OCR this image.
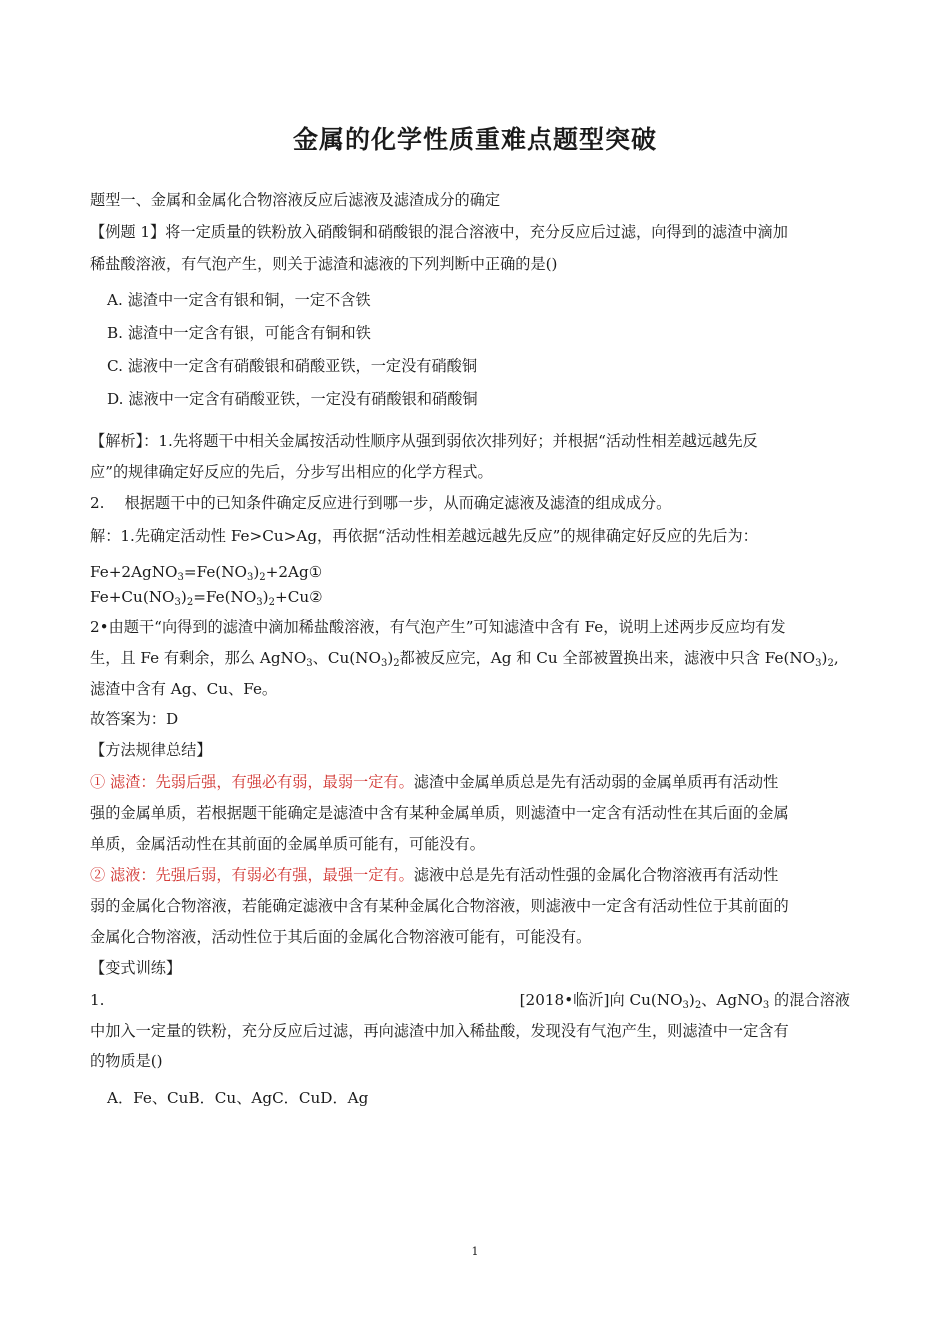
金属的化学性质重难点题型突破
题型一、金属和金属化合物溶液反应后滤液及滤渣成分的确定
【例题 1】将一定质量的铁粉放入硝酸铜和硝酸银的混合溶液中，充分反应后过滤，向得到的滤渣中滴加
稀盐酸溶液，有气泡产生，则关于滤渣和滤液的下列判断中正确的是()
A. 滤渣中一定含有银和铜，一定不含铁
B. 滤渣中一定含有银，可能含有铜和铁
C. 滤液中一定含有硝酸银和硝酸亚铁，一定没有硝酸铜
D. 滤液中一定含有硝酸亚铁，一定没有硝酸银和硝酸铜
【解析】：1.先将题干中相关金属按活动性顺序从强到弱依次排列好；并根据“活动性相差越远越先反
应”的规律确定好反应的先后，分步写出相应的化学方程式。
2.　 根据题干中的已知条件确定反应进行到哪一步，从而确定滤液及滤渣的组成成分。
解：1.先确定活动性 Fe>Cu>Ag，再依据“活动性相差越远越先反应”的规律确定好反应的先后为：
$Fe+2AgNO_3=Fe(NO_3)_2+2Ag①$
$Fe+Cu(NO_3)_2=Fe(NO_3)_2+Cu②$
2•由题干“向得到的滤渣中滴加稀盐酸溶液，有气泡产生”可知滤渣中含有 Fe，说明上述两步反应均有发
生，且 Fe 有剩余，那么 AgNO$_3$、$Cu(NO_3)_2$都被反应完，Ag 和 Cu 全部被置换出来，滤液中只含 $Fe(NO_3)_2$,
滤渣中含有 Ag、Cu、Fe。
故答案为：D
【方法规律总结】
① 滤渣：先弱后强，有强必有弱，最弱一定有。滤渣中金属单质总是先有活动弱的金属单质再有活动性
强的金属单质，若根据题干能确定是滤渣中含有某种金属单质，则滤渣中一定含有活动性在其后面的金属
单质，金属活动性在其前面的金属单质可能有，可能没有。
② 滤液：先强后弱，有弱必有强，最强一定有。滤液中总是先有活动性强的金属化合物溶液再有活动性
弱的金属化合物溶液，若能确定滤液中含有某种金属化合物溶液，则滤液中一定含有活动性位于其前面的
金属化合物溶液，活动性位于其后面的金属化合物溶液可能有，可能没有。
【变式训练】
1.	[2018•临沂]向 $Cu(NO_3)_2$、AgNO$_3$ 的混合溶液
中加入一定量的铁粉，充分反应后过滤，再向滤渣中加入稀盐酸，发现没有气泡产生，则滤渣中一定含有
的物质是()
A．Fe、CuB．Cu、AgC．CuD．Ag
1
